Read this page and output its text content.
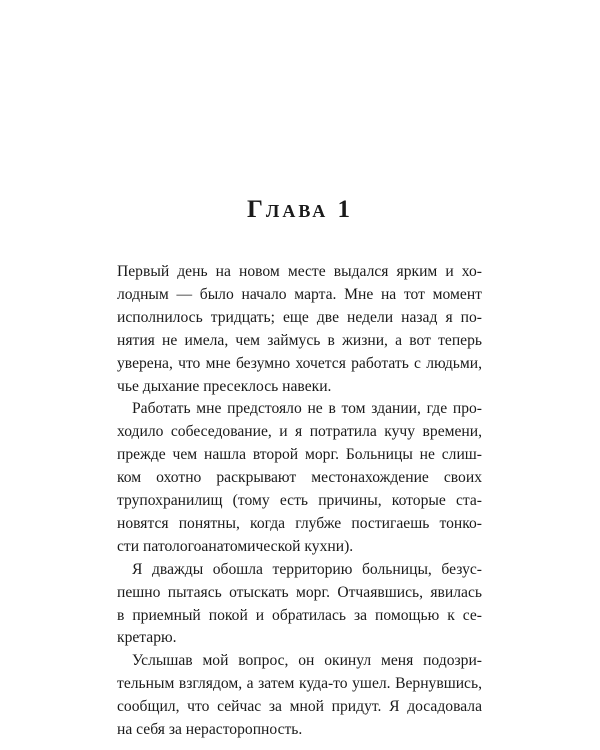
Глава 1
Первый день на новом месте выдался ярким и хо-
лодным — было начало марта. Мне на тот момент
исполнилось тридцать; еще две недели назад я по-
нятия не имела, чем займусь в жизни, а вот теперь
уверена, что мне безумно хочется работать с людьми,
чье дыхание пресеклось навеки.
Работать мне предстояло не в том здании, где про-
ходило собеседование, и я потратила кучу времени,
прежде чем нашла второй морг. Больницы не слиш-
ком охотно раскрывают местонахождение своих
трупохранилищ (тому есть причины, которые ста-
новятся понятны, когда глубже постигаешь тонко-
сти патологоанатомической кухни).
Я дважды обошла территорию больницы, безус-
пешно пытаясь отыскать морг. Отчаявшись, явилась
в приемный покой и обратилась за помощью к се-
кретарю.
Услышав мой вопрос, он окинул меня подозри-
тельным взглядом, а затем куда-то ушел. Вернувшись,
сообщил, что сейчас за мной придут. Я досадовала
на себя за нерасторопность.
